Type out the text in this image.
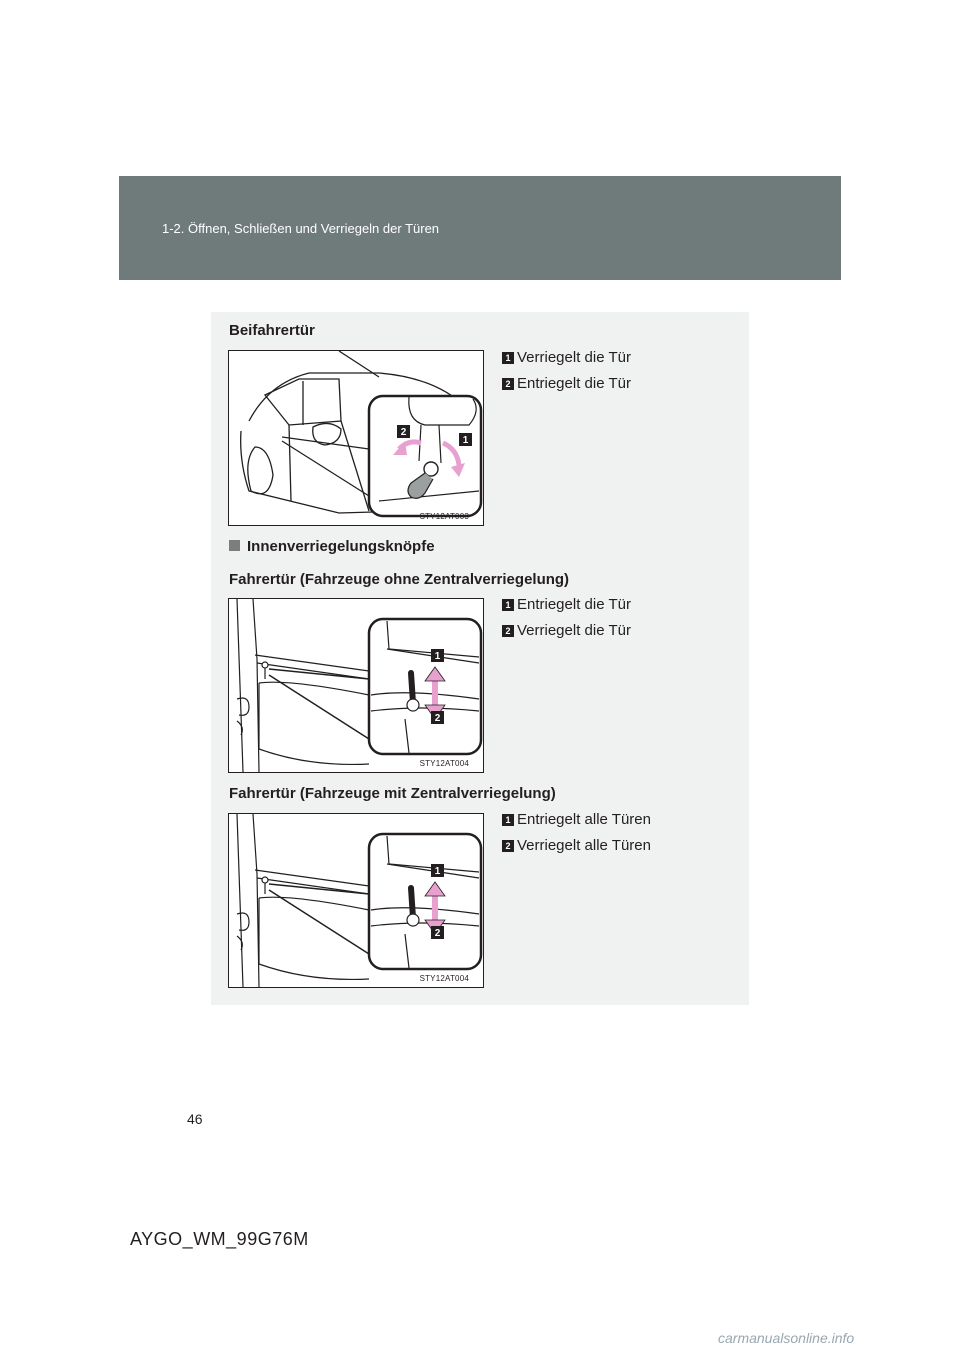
1-2. Öffnen, Schließen und Verriegeln der Türen
Beifahrertür
2
1
STY12AT003
1 Verriegelt die Tür
2 Entriegelt die Tür
Innenverriegelungsknöpfe
Fahrertür (Fahrzeuge ohne Zentralverriegelung)
1
2
STY12AT004
1 Entriegelt die Tür
2 Verriegelt die Tür
Fahrertür (Fahrzeuge mit Zentralverriegelung)
1
2
STY12AT004
1 Entriegelt alle Türen
2 Verriegelt alle Türen
46
AYGO_WM_99G76M
carmanualsonline.info
